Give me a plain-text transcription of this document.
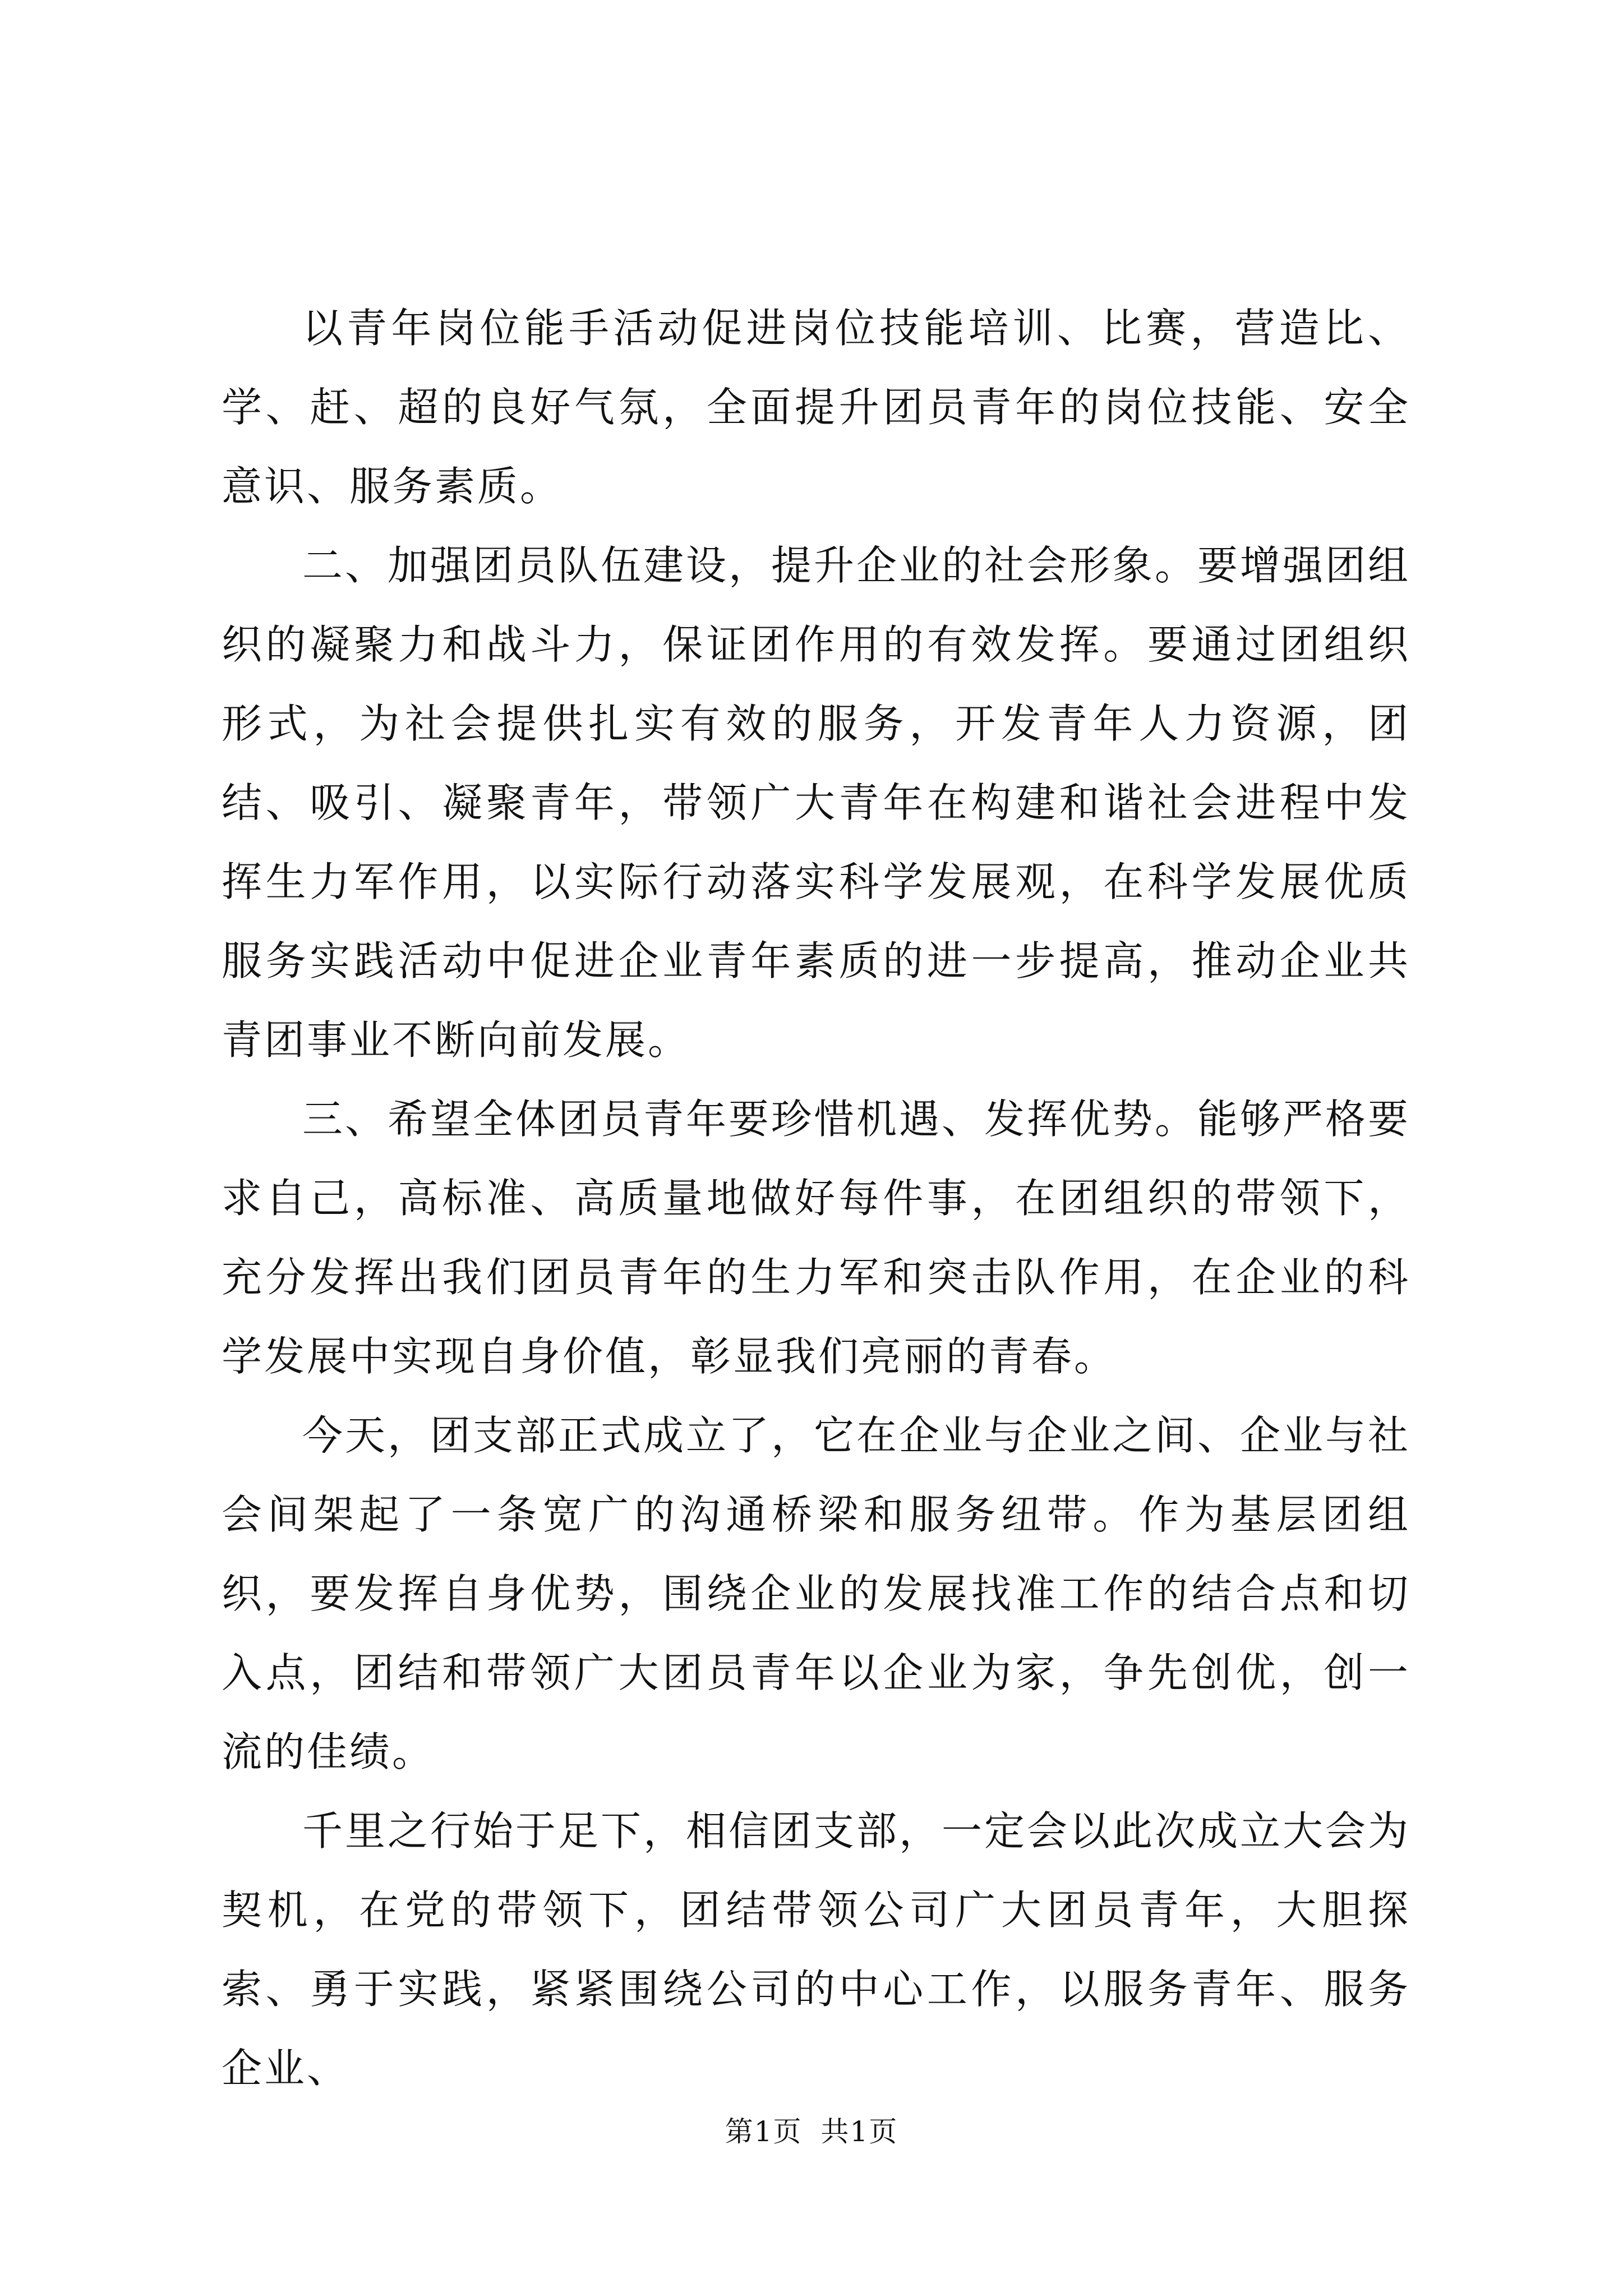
以青年岗位能手活动促进岗位技能培训、比赛，营造比、学、赶、超的良好气氛，全面提升团员青年的岗位技能、安全意识、服务素质。

二、加强团员队伍建设，提升企业的社会形象。要增强团组织的凝聚力和战斗力，保证团作用的有效发挥。要通过团组织形式，为社会提供扎实有效的服务，开发青年人力资源，团结、吸引、凝聚青年，带领广大青年在构建和谐社会进程中发挥生力军作用，以实际行动落实科学发展观，在科学发展优质服务实践活动中促进企业青年素质的进一步提高，推动企业共青团事业不断向前发展。

三、希望全体团员青年要珍惜机遇、发挥优势。能够严格要求自己，高标准、高质量地做好每件事，在团组织的带领下，充分发挥出我们团员青年的生力军和突击队作用，在企业的科学发展中实现自身价值，彰显我们亮丽的青春。

今天，团支部正式成立了，它在企业与企业之间、企业与社会间架起了一条宽广的沟通桥梁和服务纽带。作为基层团组织，要发挥自身优势，围绕企业的发展找准工作的结合点和切入点，团结和带领广大团员青年以企业为家，争先创优，创一流的佳绩。

千里之行始于足下，相信团支部，一定会以此次成立大会为契机，在党的带领下，团结带领公司广大团员青年，大胆探索、勇于实践，紧紧围绕公司的中心工作，以服务青年、服务企业、

第1页 共1页
